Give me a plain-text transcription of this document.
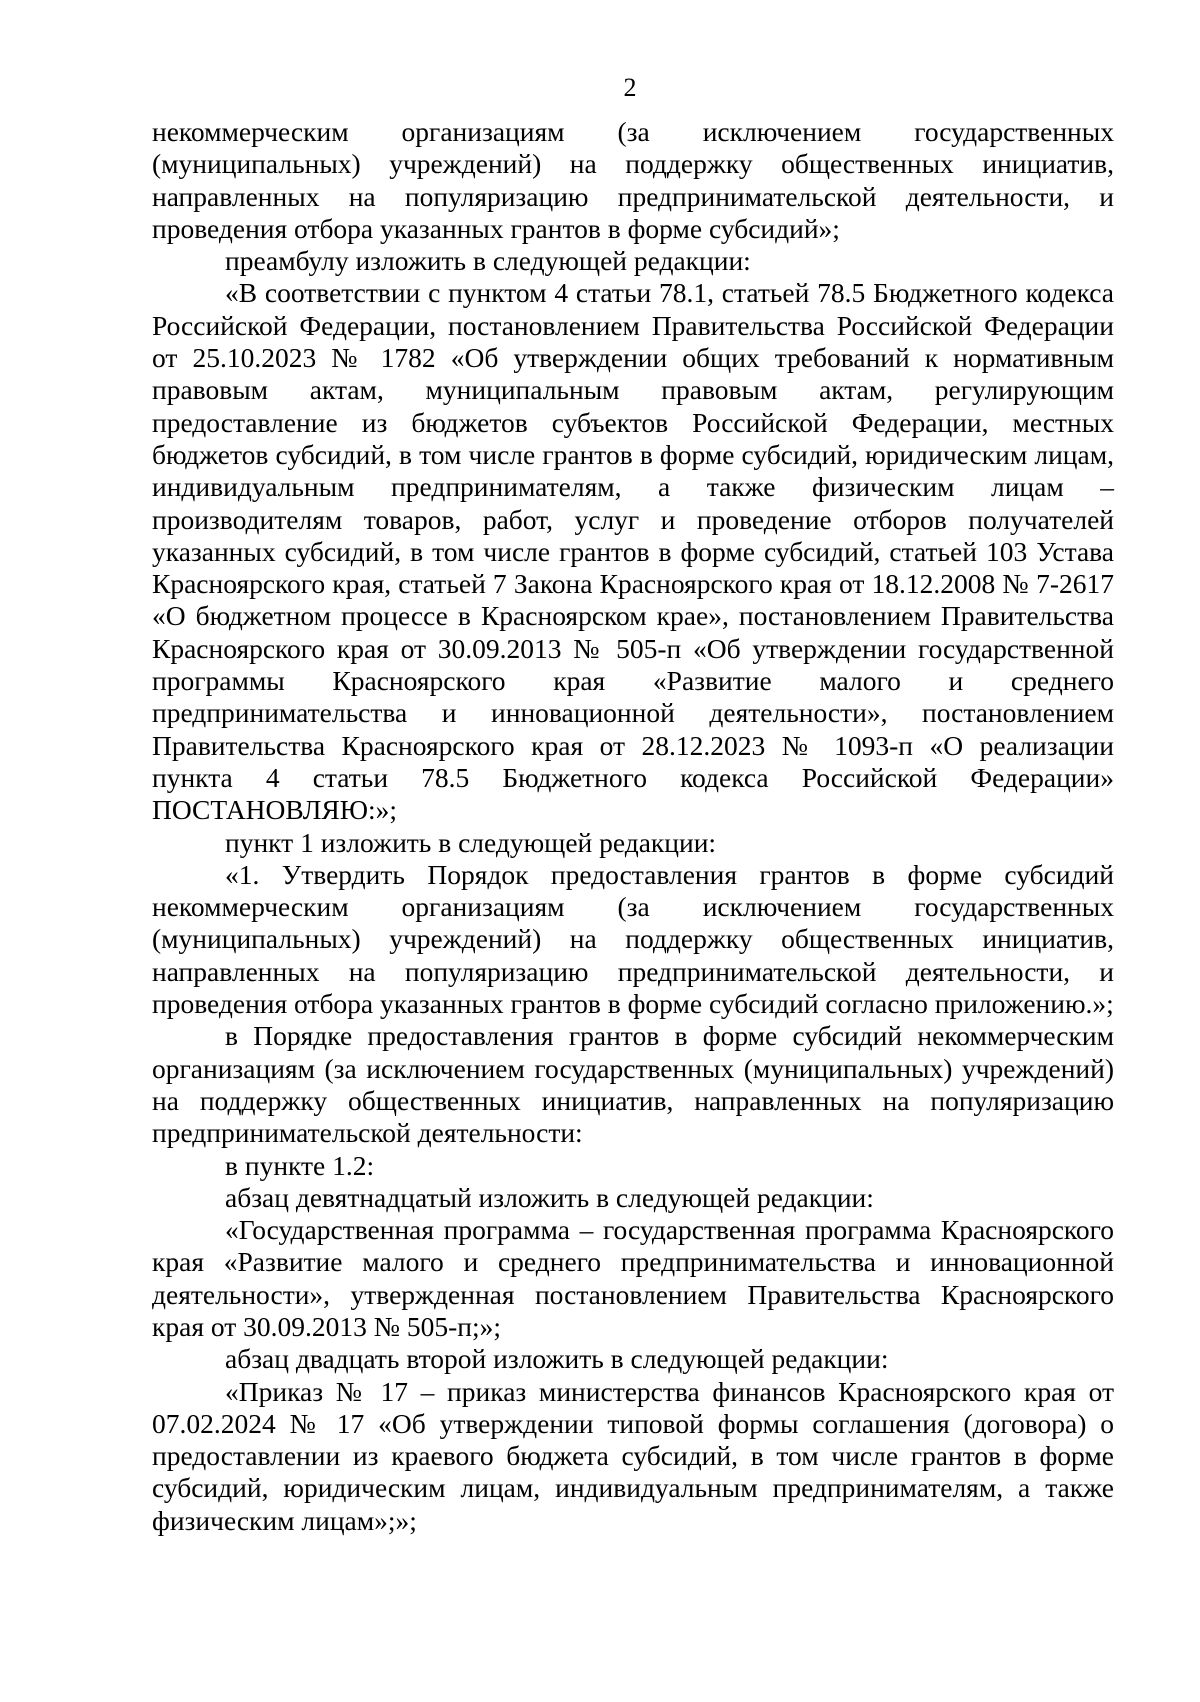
2

некоммерческим организациям (за исключением государственных (муниципальных) учреждений) на поддержку общественных инициатив, направленных на популяризацию предпринимательской деятельности, и проведения отбора указанных грантов в форме субсидий»;

преамбулу изложить в следующей редакции:

«В соответствии с пунктом 4 статьи 78.1, статьей 78.5 Бюджетного кодекса Российской Федерации, постановлением Правительства Российской Федерации от 25.10.2023 № 1782 «Об утверждении общих требований к нормативным правовым актам, муниципальным правовым актам, регулирующим предоставление из бюджетов субъектов Российской Федерации, местных бюджетов субсидий, в том числе грантов в форме субсидий, юридическим лицам, индивидуальным предпринимателям, а также физическим лицам – производителям товаров, работ, услуг и проведение отборов получателей указанных субсидий, в том числе грантов в форме субсидий, статьей 103 Устава Красноярского края, статьей 7 Закона Красноярского края от 18.12.2008 № 7-2617 «О бюджетном процессе в Красноярском крае», постановлением Правительства Красноярского края от 30.09.2013 № 505-п «Об утверждении государственной программы Красноярского края «Развитие малого и среднего предпринимательства и инновационной деятельности», постановлением Правительства Красноярского края от 28.12.2023 № 1093-п «О реализации пункта 4 статьи 78.5 Бюджетного кодекса Российской Федерации» ПОСТАНОВЛЯЮ:»;

пункт 1 изложить в следующей редакции:

«1. Утвердить Порядок предоставления грантов в форме субсидий некоммерческим организациям (за исключением государственных (муниципальных) учреждений) на поддержку общественных инициатив, направленных на популяризацию предпринимательской деятельности, и проведения отбора указанных грантов в форме субсидий согласно приложению.»;

в Порядке предоставления грантов в форме субсидий некоммерческим организациям (за исключением государственных (муниципальных) учреждений) на поддержку общественных инициатив, направленных на популяризацию предпринимательской деятельности:

в пункте 1.2:

абзац девятнадцатый изложить в следующей редакции:

«Государственная программа – государственная программа Красноярского края «Развитие малого и среднего предпринимательства и инновационной деятельности», утвержденная постановлением Правительства Красноярского края от 30.09.2013 № 505-п;»;

абзац двадцать второй изложить в следующей редакции:

«Приказ № 17 – приказ министерства финансов Красноярского края от 07.02.2024 № 17 «Об утверждении типовой формы соглашения (договора) о предоставлении из краевого бюджета субсидий, в том числе грантов в форме субсидий, юридическим лицам, индивидуальным предпринимателям, а также физическим лицам»;»;
